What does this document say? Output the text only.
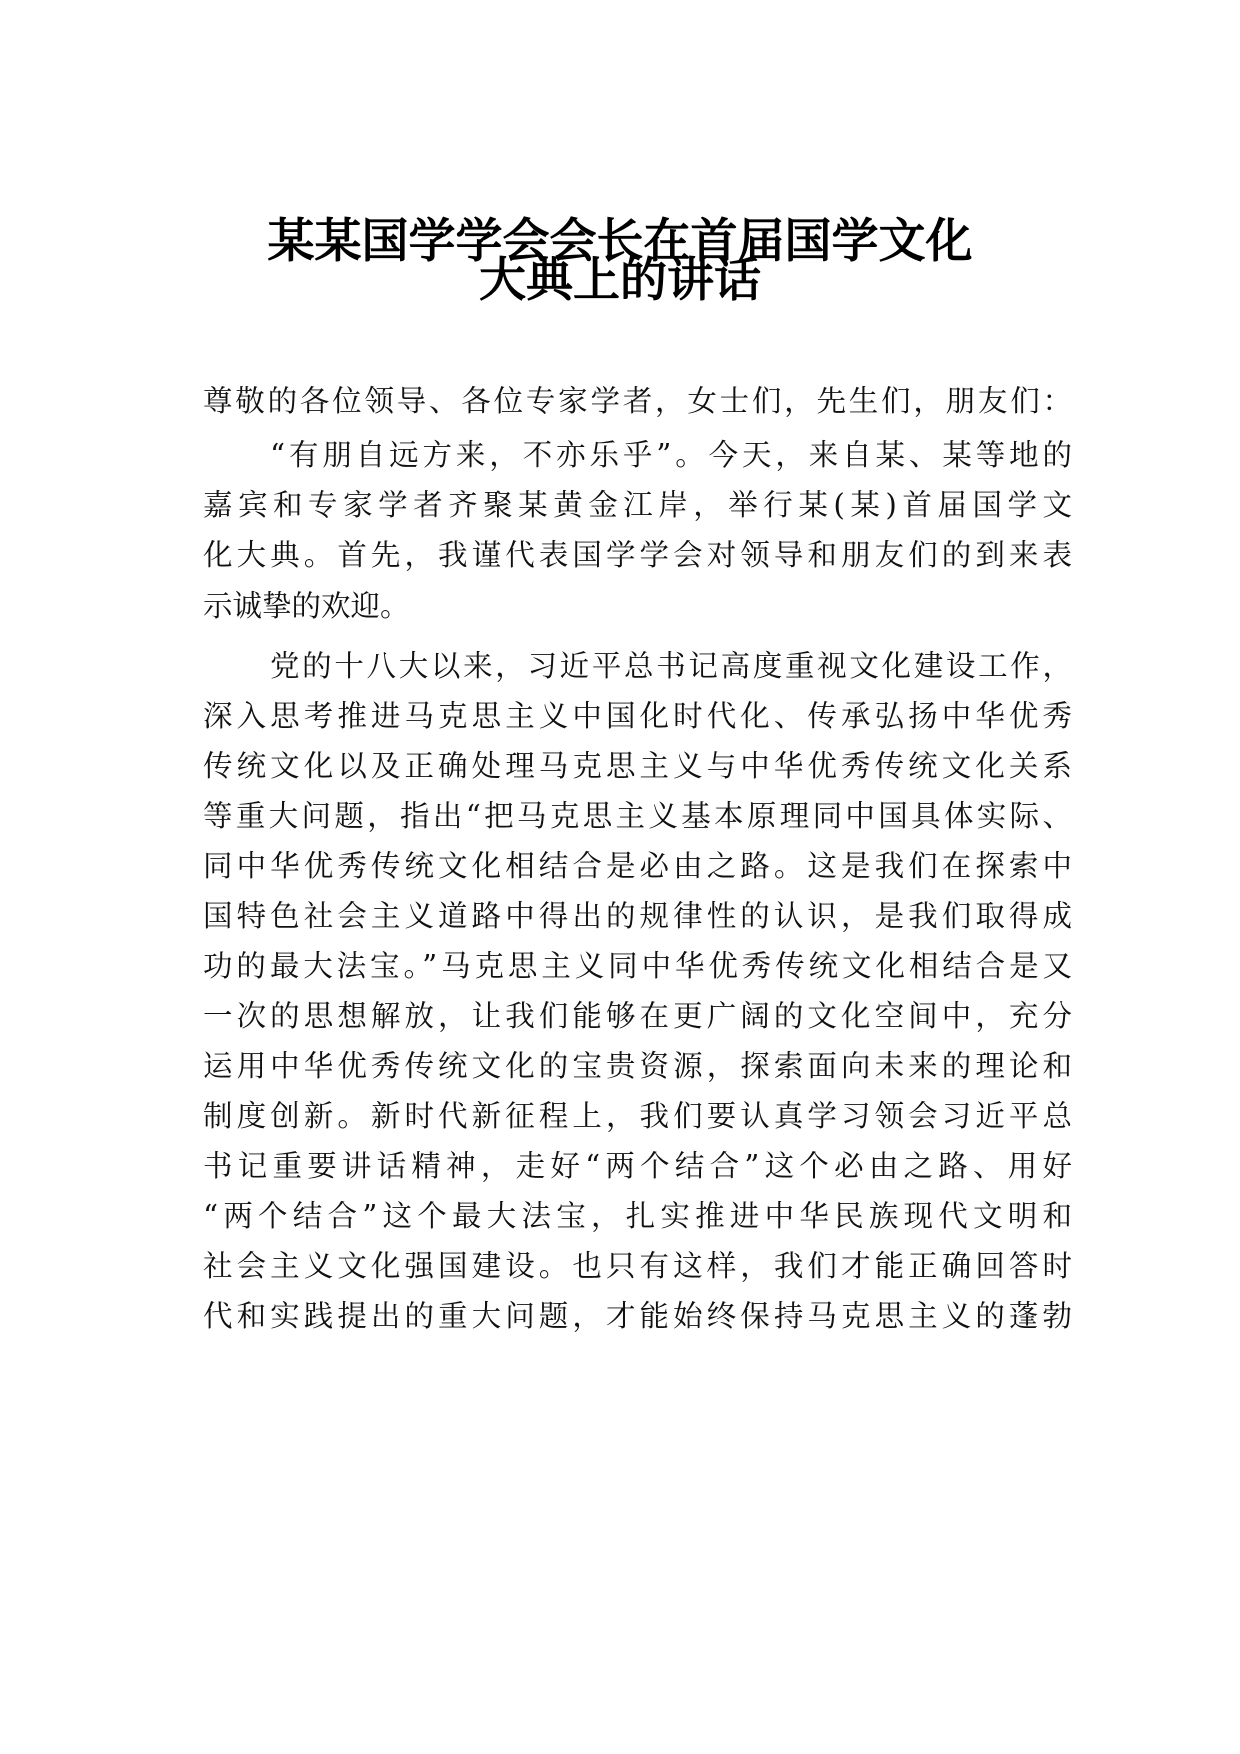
某某国学学会会长在首届国学文化
大典上的讲话
尊敬的各位领导、各位专家学者，女士们，先生们，朋友们：
“有朋自远方来，不亦乐乎”。今天，来自某、某等地的
嘉宾和专家学者齐聚某黄金江岸，举行某(某)首届国学文
化大典。首先，我谨代表国学学会对领导和朋友们的到来表
示诚挚的欢迎。
党的十八大以来，习近平总书记高度重视文化建设工作，
深入思考推进马克思主义中国化时代化、传承弘扬中华优秀
传统文化以及正确处理马克思主义与中华优秀传统文化关系
等重大问题，指出“把马克思主义基本原理同中国具体实际、
同中华优秀传统文化相结合是必由之路。这是我们在探索中
国特色社会主义道路中得出的规律性的认识，是我们取得成
功的最大法宝。”马克思主义同中华优秀传统文化相结合是又
一次的思想解放，让我们能够在更广阔的文化空间中，充分
运用中华优秀传统文化的宝贵资源，探索面向未来的理论和
制度创新。新时代新征程上，我们要认真学习领会习近平总
书记重要讲话精神，走好“两个结合”这个必由之路、用好
“两个结合”这个最大法宝，扎实推进中华民族现代文明和
社会主义文化强国建设。也只有这样，我们才能正确回答时
代和实践提出的重大问题，才能始终保持马克思主义的蓬勃
